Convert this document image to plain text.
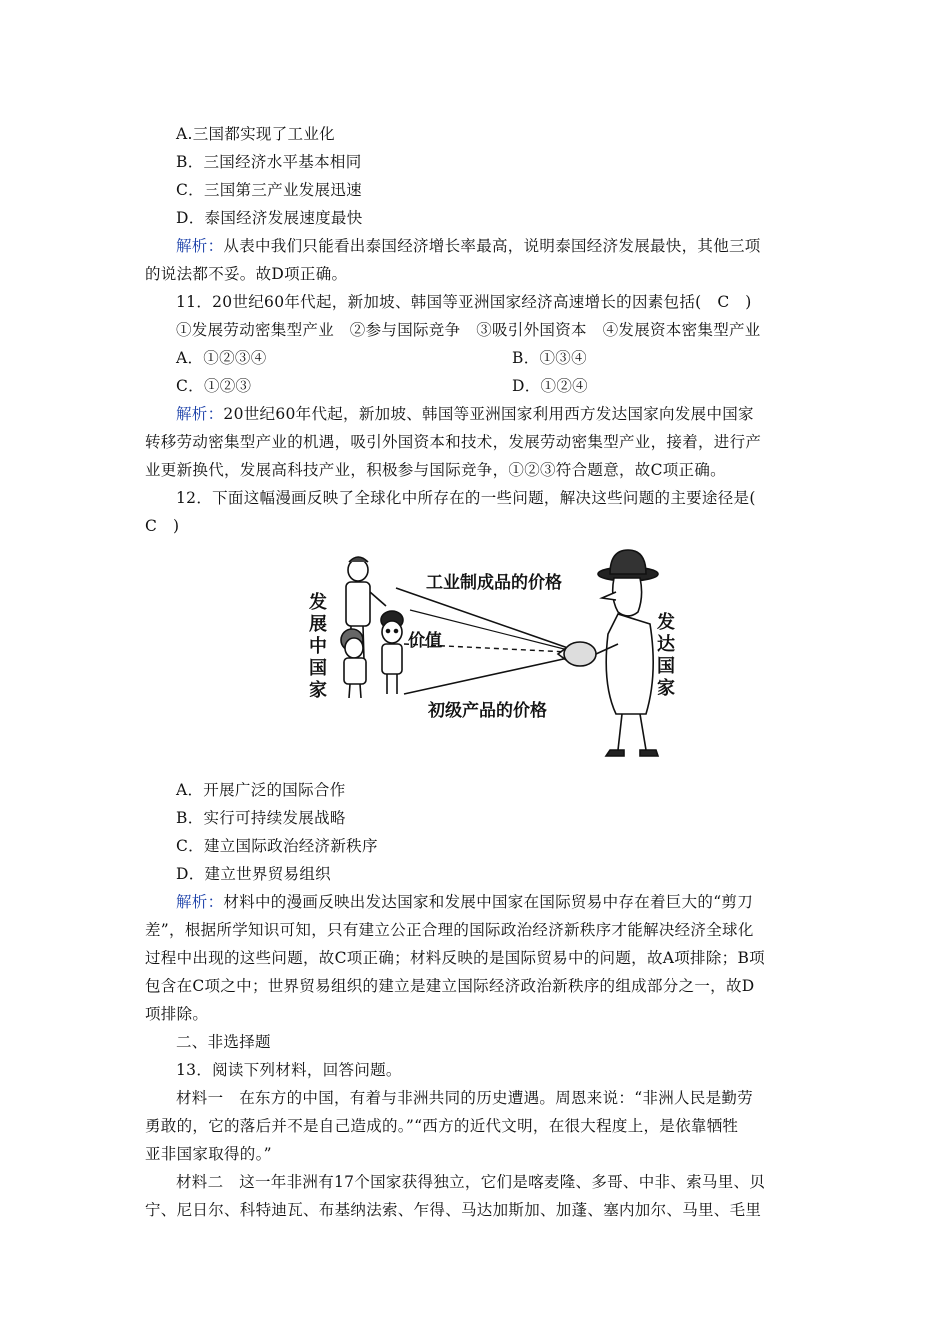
A.三国都实现了工业化
B．三国经济水平基本相同
C．三国第三产业发展迅速
D．泰国经济发展速度最快
解析：从表中我们只能看出泰国经济增长率最高，说明泰国经济发展最快，其他三项
的说法都不妥。故D项正确。
11．20世纪60年代起，新加坡、韩国等亚洲国家经济高速增长的因素包括(　C　)
①发展劳动密集型产业　②参与国际竞争　③吸引外国资本　④发展资本密集型产业
A．①②③④	B．①③④
C．①②③	D．①②④
解析：20世纪60年代起，新加坡、韩国等亚洲国家利用西方发达国家向发展中国家
转移劳动密集型产业的机遇，吸引外国资本和技术，发展劳动密集型产业，接着，进行产
业更新换代，发展高科技产业，积极参与国际竞争，①②③符合题意，故C项正确。
12．下面这幅漫画反映了全球化中所存在的一些问题，解决这些问题的主要途径是(
C　)
发
展
中
国
家
发
达
国
家
工业制成品的价格
价值
初级产品的价格
A．开展广泛的国际合作
B．实行可持续发展战略
C．建立国际政治经济新秩序
D．建立世界贸易组织
解析：材料中的漫画反映出发达国家和发展中国家在国际贸易中存在着巨大的“剪刀
差”，根据所学知识可知，只有建立公正合理的国际政治经济新秩序才能解决经济全球化
过程中出现的这些问题，故C项正确；材料反映的是国际贸易中的问题，故A项排除；B项
包含在C项之中；世界贸易组织的建立是建立国际经济政治新秩序的组成部分之一，故D
项排除。
二、非选择题
13．阅读下列材料，回答问题。
材料一　在东方的中国，有着与非洲共同的历史遭遇。周恩来说：“非洲人民是勤劳
勇敢的，它的落后并不是自己造成的。”“西方的近代文明，在很大程度上，是依靠牺牲
亚非国家取得的。”
材料二　这一年非洲有17个国家获得独立，它们是喀麦隆、多哥、中非、索马里、贝
宁、尼日尔、科特迪瓦、布基纳法索、乍得、马达加斯加、加蓬、塞内加尔、马里、毛里
